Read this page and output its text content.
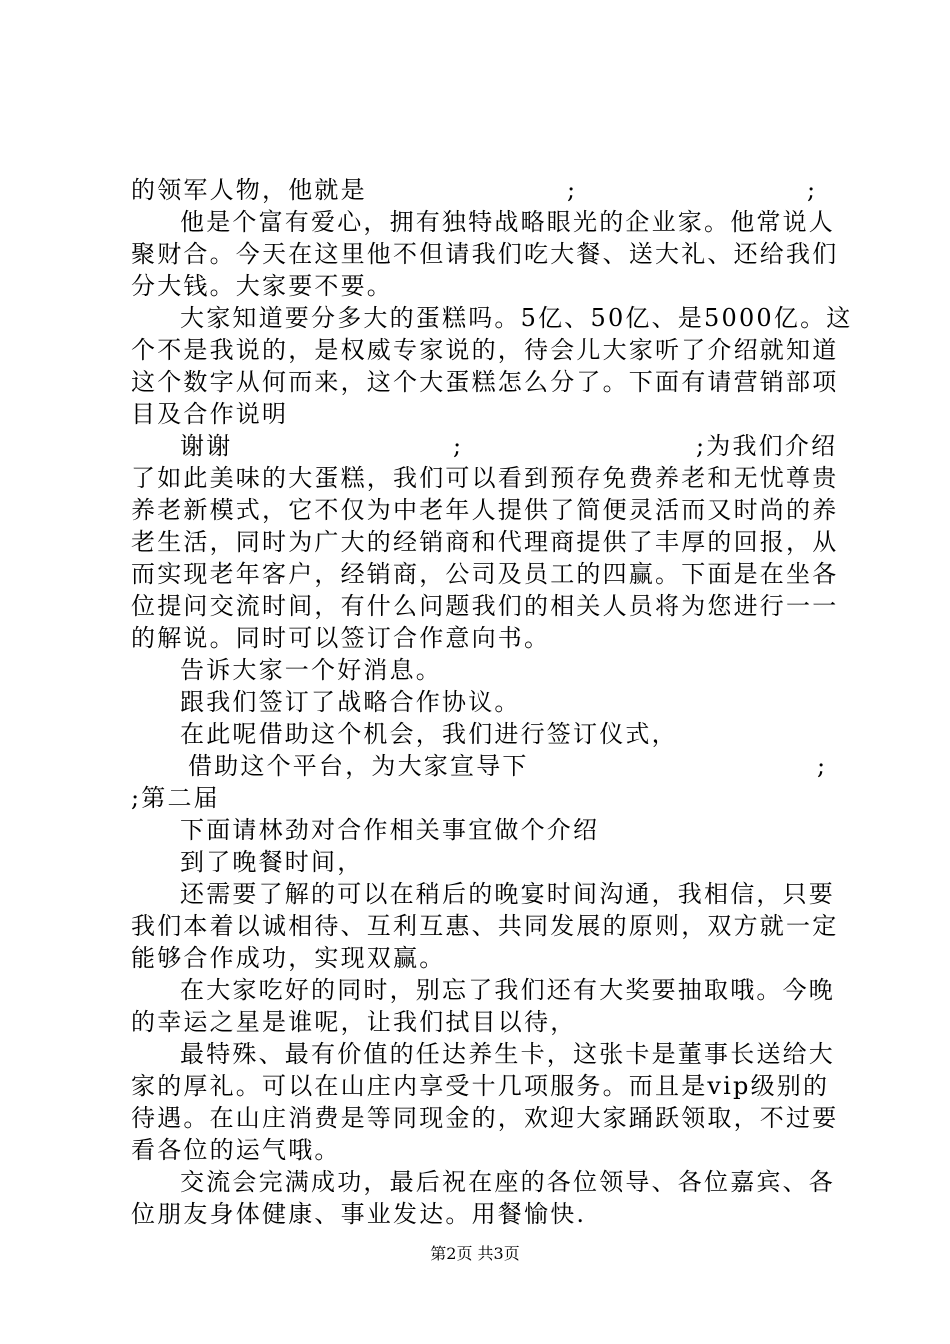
的领军人物，他就是	;	;
他是个富有爱心，拥有独特战略眼光的企业家。他常说人
聚财合。今天在这里他不但请我们吃大餐、送大礼、还给我们
分大钱。大家要不要。
大家知道要分多大的蛋糕吗。5亿、50亿、是5000亿。这
个不是我说的，是权威专家说的，待会儿大家听了介绍就知道
这个数字从何而来，这个大蛋糕怎么分了。下面有请营销部项
目及合作说明
谢谢	;	;为我们介绍
了如此美味的大蛋糕，我们可以看到预存免费养老和无忧尊贵
养老新模式，它不仅为中老年人提供了简便灵活而又时尚的养
老生活，同时为广大的经销商和代理商提供了丰厚的回报，从
而实现老年客户，经销商，公司及员工的四赢。下面是在坐各
位提问交流时间，有什么问题我们的相关人员将为您进行一一
的解说。同时可以签订合作意向书。
告诉大家一个好消息。
跟我们签订了战略合作协议。
在此呢借助这个机会，我们进行签订仪式，
借助这个平台，为大家宣导下	;
;第二届
下面请林劲对合作相关事宜做个介绍
到了晚餐时间，
还需要了解的可以在稍后的晚宴时间沟通，我相信，只要
我们本着以诚相待、互利互惠、共同发展的原则，双方就一定
能够合作成功，实现双赢。
在大家吃好的同时，别忘了我们还有大奖要抽取哦。今晚
的幸运之星是谁呢，让我们拭目以待，
最特殊、最有价值的任达养生卡，这张卡是董事长送给大
家的厚礼。可以在山庄内享受十几项服务。而且是vip级别的
待遇。在山庄消费是等同现金的，欢迎大家踊跃领取，不过要
看各位的运气哦。
交流会完满成功，最后祝在座的各位领导、各位嘉宾、各
位朋友身体健康、事业发达。用餐愉快.
第2页 共3页
